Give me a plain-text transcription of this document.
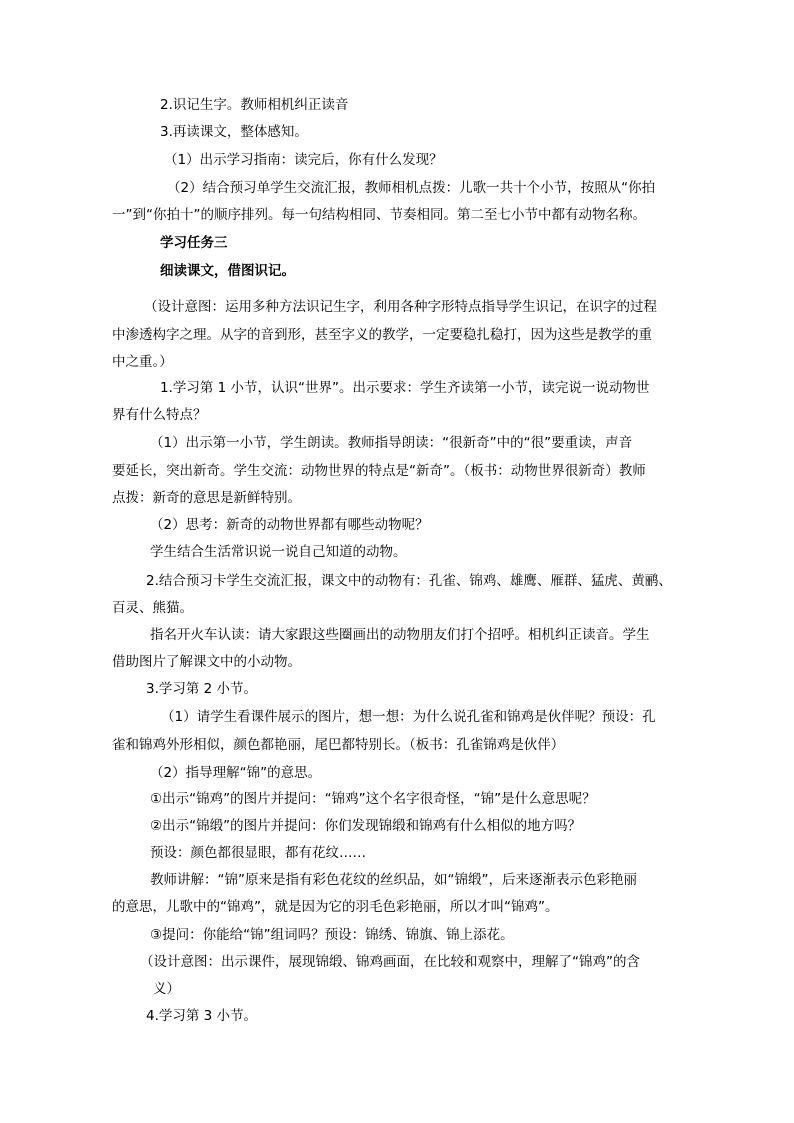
2.识记生字。教师相机纠正读音
3.再读课文，整体感知。
（1）出示学习指南：读完后，你有什么发现？
（2）结合预习单学生交流汇报，教师相机点拨：儿歌一共十个小节，按照从“你拍
一”到“你拍十”的顺序排列。每一句结构相同、节奏相同。第二至七小节中都有动物名称。
学习任务三
细读课文，借图识记。
（设计意图：运用多种方法识记生字，利用各种字形特点指导学生识记，在识字的过程
中渗透构字之理。从字的音到形，甚至字义的教学，一定要稳扎稳打，因为这些是教学的重
中之重。）
1.学习第 1 小节，认识“世界”。出示要求：学生齐读第一小节，读完说一说动物世
界有什么特点？
（1）出示第一小节，学生朗读。教师指导朗读：“很新奇”中的“很”要重读，声音
要延长，突出新奇。学生交流：动物世界的特点是“新奇”。（板书：动物世界很新奇）教师
点拨：新奇的意思是新鲜特别。
（2）思考：新奇的动物世界都有哪些动物呢？
学生结合生活常识说一说自己知道的动物。
2.结合预习卡学生交流汇报，课文中的动物有：孔雀、锦鸡、雄鹰、雁群、猛虎、黄鹂、
百灵、熊猫。
指名开火车认读：请大家跟这些圈画出的动物朋友们打个招呼。相机纠正读音。学生
借助图片了解课文中的小动物。
3.学习第 2 小节。
（1）请学生看课件展示的图片，想一想：为什么说孔雀和锦鸡是伙伴呢？预设：孔
雀和锦鸡外形相似，颜色都艳丽，尾巴都特别长。（板书：孔雀锦鸡是伙伴）
（2）指导理解“锦”的意思。
①出示“锦鸡”的图片并提问：“锦鸡”这个名字很奇怪，“锦”是什么意思呢？
②出示“锦缎”的图片并提问：你们发现锦缎和锦鸡有什么相似的地方吗？
预设：颜色都很显眼，都有花纹……
教师讲解：“锦”原来是指有彩色花纹的丝织品，如“锦缎”，后来逐渐表示色彩艳丽
的意思，儿歌中的“锦鸡”，就是因为它的羽毛色彩艳丽，所以才叫“锦鸡”。
③提问：你能给“锦”组词吗？预设：锦绣、锦旗、锦上添花。
（设计意图：出示课件，展现锦缎、锦鸡画面，在比较和观察中，理解了“锦鸡”的含
义）
4.学习第 3 小节。
